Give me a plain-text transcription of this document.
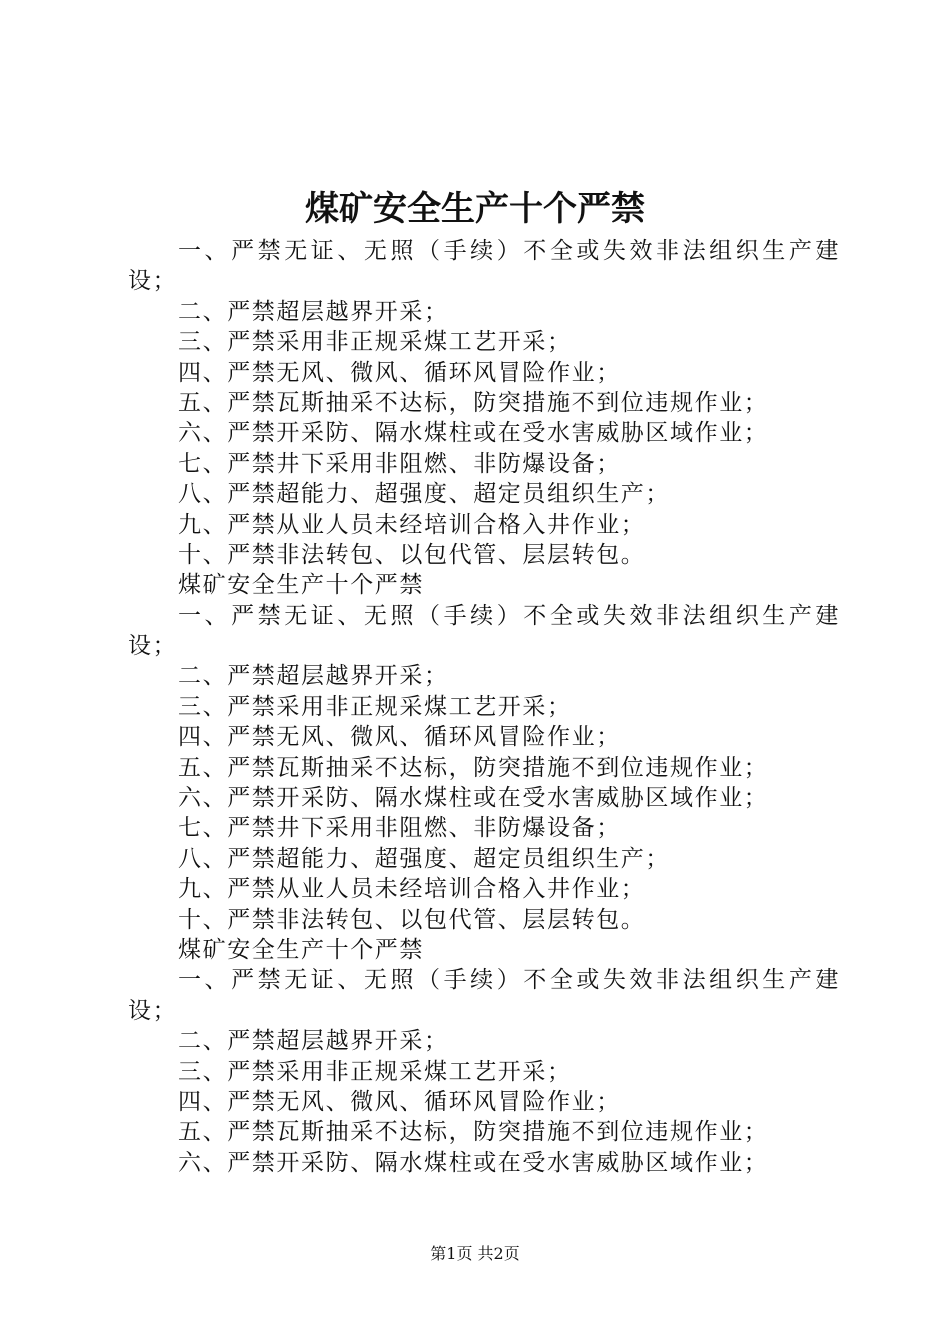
煤矿安全生产十个严禁
一、严禁无证、无照（手续）不全或失效非法组织生产建
设；
二、严禁超层越界开采；
三、严禁采用非正规采煤工艺开采；
四、严禁无风、微风、循环风冒险作业；
五、严禁瓦斯抽采不达标，防突措施不到位违规作业；
六、严禁开采防、隔水煤柱或在受水害威胁区域作业；
七、严禁井下采用非阻燃、非防爆设备；
八、严禁超能力、超强度、超定员组织生产；
九、严禁从业人员未经培训合格入井作业；
十、严禁非法转包、以包代管、层层转包。
煤矿安全生产十个严禁
一、严禁无证、无照（手续）不全或失效非法组织生产建
设；
二、严禁超层越界开采；
三、严禁采用非正规采煤工艺开采；
四、严禁无风、微风、循环风冒险作业；
五、严禁瓦斯抽采不达标，防突措施不到位违规作业；
六、严禁开采防、隔水煤柱或在受水害威胁区域作业；
七、严禁井下采用非阻燃、非防爆设备；
八、严禁超能力、超强度、超定员组织生产；
九、严禁从业人员未经培训合格入井作业；
十、严禁非法转包、以包代管、层层转包。
煤矿安全生产十个严禁
一、严禁无证、无照（手续）不全或失效非法组织生产建
设；
二、严禁超层越界开采；
三、严禁采用非正规采煤工艺开采；
四、严禁无风、微风、循环风冒险作业；
五、严禁瓦斯抽采不达标，防突措施不到位违规作业；
六、严禁开采防、隔水煤柱或在受水害威胁区域作业；
第1页 共2页
